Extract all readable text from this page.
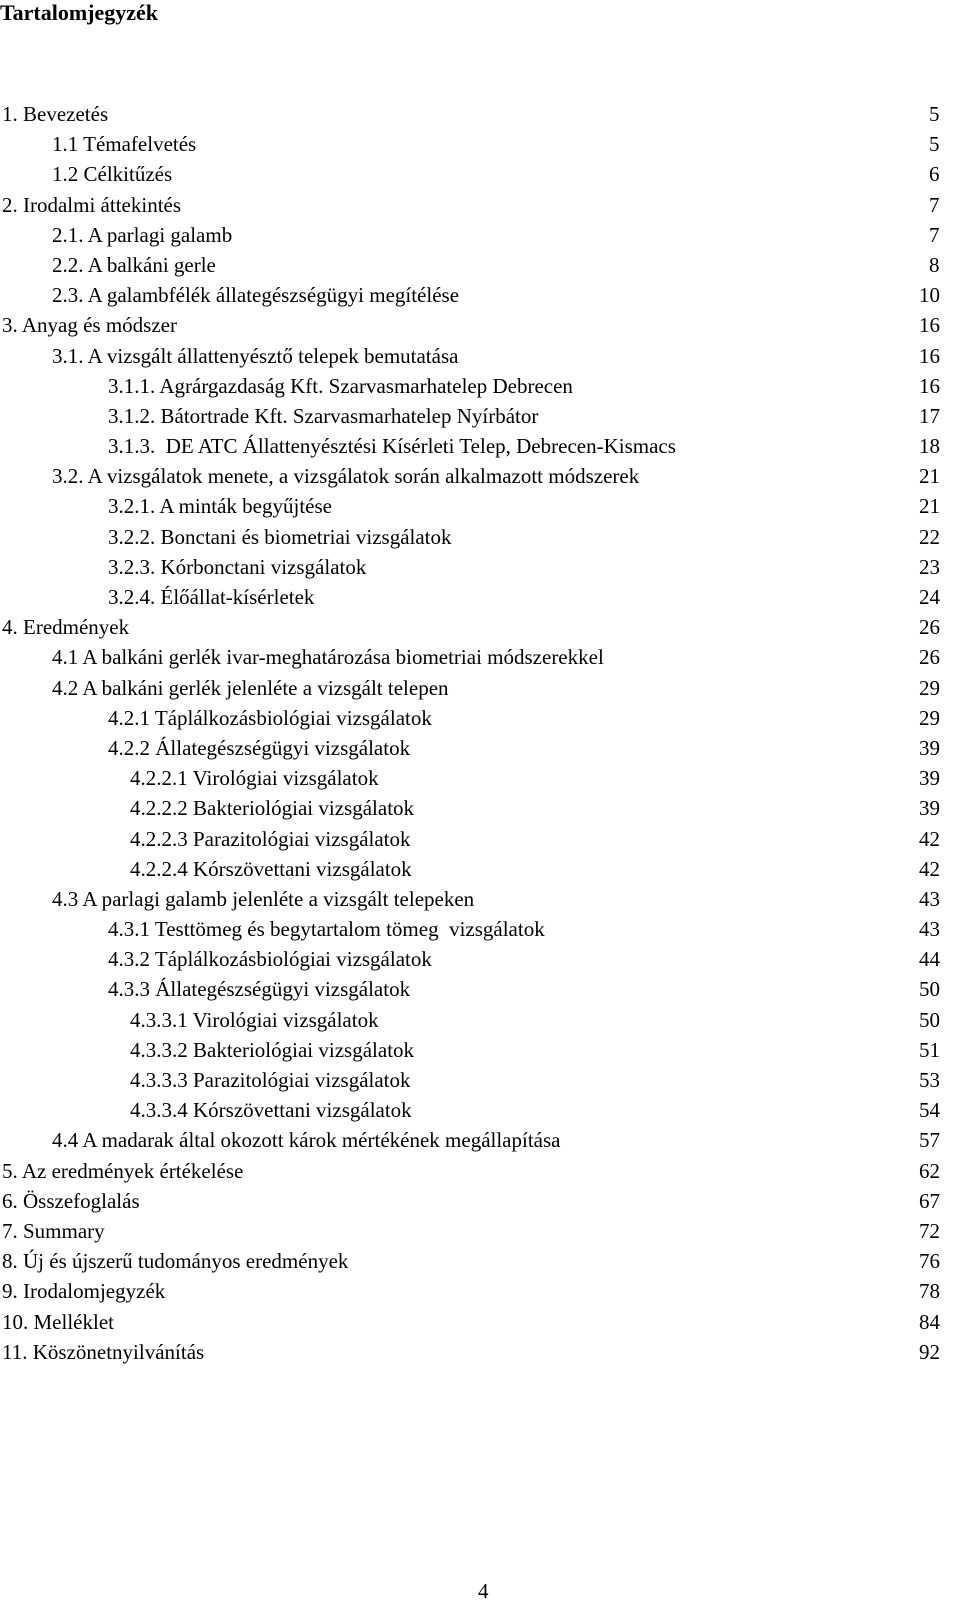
Tartalomjegyzék
1. Bevezetés	5
1.1 Témafelvetés	5
1.2 Célkitűzés	6
2. Irodalmi áttekintés	7
2.1. A parlagi galamb	7
2.2. A balkáni gerle	8
2.3. A galambfélék állategészségügyi megítélése	10
3. Anyag és módszer	16
3.1. A vizsgált állattenyésztő telepek bemutatása	16
3.1.1. Agrárgazdaság Kft. Szarvasmarhatelep Debrecen	16
3.1.2. Bátortrade Kft. Szarvasmarhatelep Nyírbátor	17
3.1.3.  DE ATC Állattenyésztési Kísérleti Telep, Debrecen-Kismacs	18
3.2. A vizsgálatok menete, a vizsgálatok során alkalmazott módszerek	21
3.2.1. A minták begyűjtése	21
3.2.2. Bonctani és biometriai vizsgálatok	22
3.2.3. Kórbonctani vizsgálatok	23
3.2.4. Élőállat-kísérletek	24
4. Eredmények	26
4.1 A balkáni gerlék ivar-meghatározása biometriai módszerekkel	26
4.2 A balkáni gerlék jelenléte a vizsgált telepen	29
4.2.1 Táplálkozásbiológiai vizsgálatok	29
4.2.2 Állategészségügyi vizsgálatok	39
4.2.2.1 Virológiai vizsgálatok	39
4.2.2.2 Bakteriológiai vizsgálatok	39
4.2.2.3 Parazitológiai vizsgálatok	42
4.2.2.4 Kórszövettani vizsgálatok	42
4.3 A parlagi galamb jelenléte a vizsgált telepeken	43
4.3.1 Testtömeg és begytartalom tömeg  vizsgálatok	43
4.3.2 Táplálkozásbiológiai vizsgálatok	44
4.3.3 Állategészségügyi vizsgálatok	50
4.3.3.1 Virológiai vizsgálatok	50
4.3.3.2 Bakteriológiai vizsgálatok	51
4.3.3.3 Parazitológiai vizsgálatok	53
4.3.3.4 Kórszövettani vizsgálatok	54
4.4 A madarak által okozott károk mértékének megállapítása	57
5. Az eredmények értékelése	62
6. Összefoglalás	67
7. Summary	72
8. Új és újszerű tudományos eredmények	76
9. Irodalomjegyzék	78
10. Melléklet	84
11. Köszönetnyilvánítás	92
4
